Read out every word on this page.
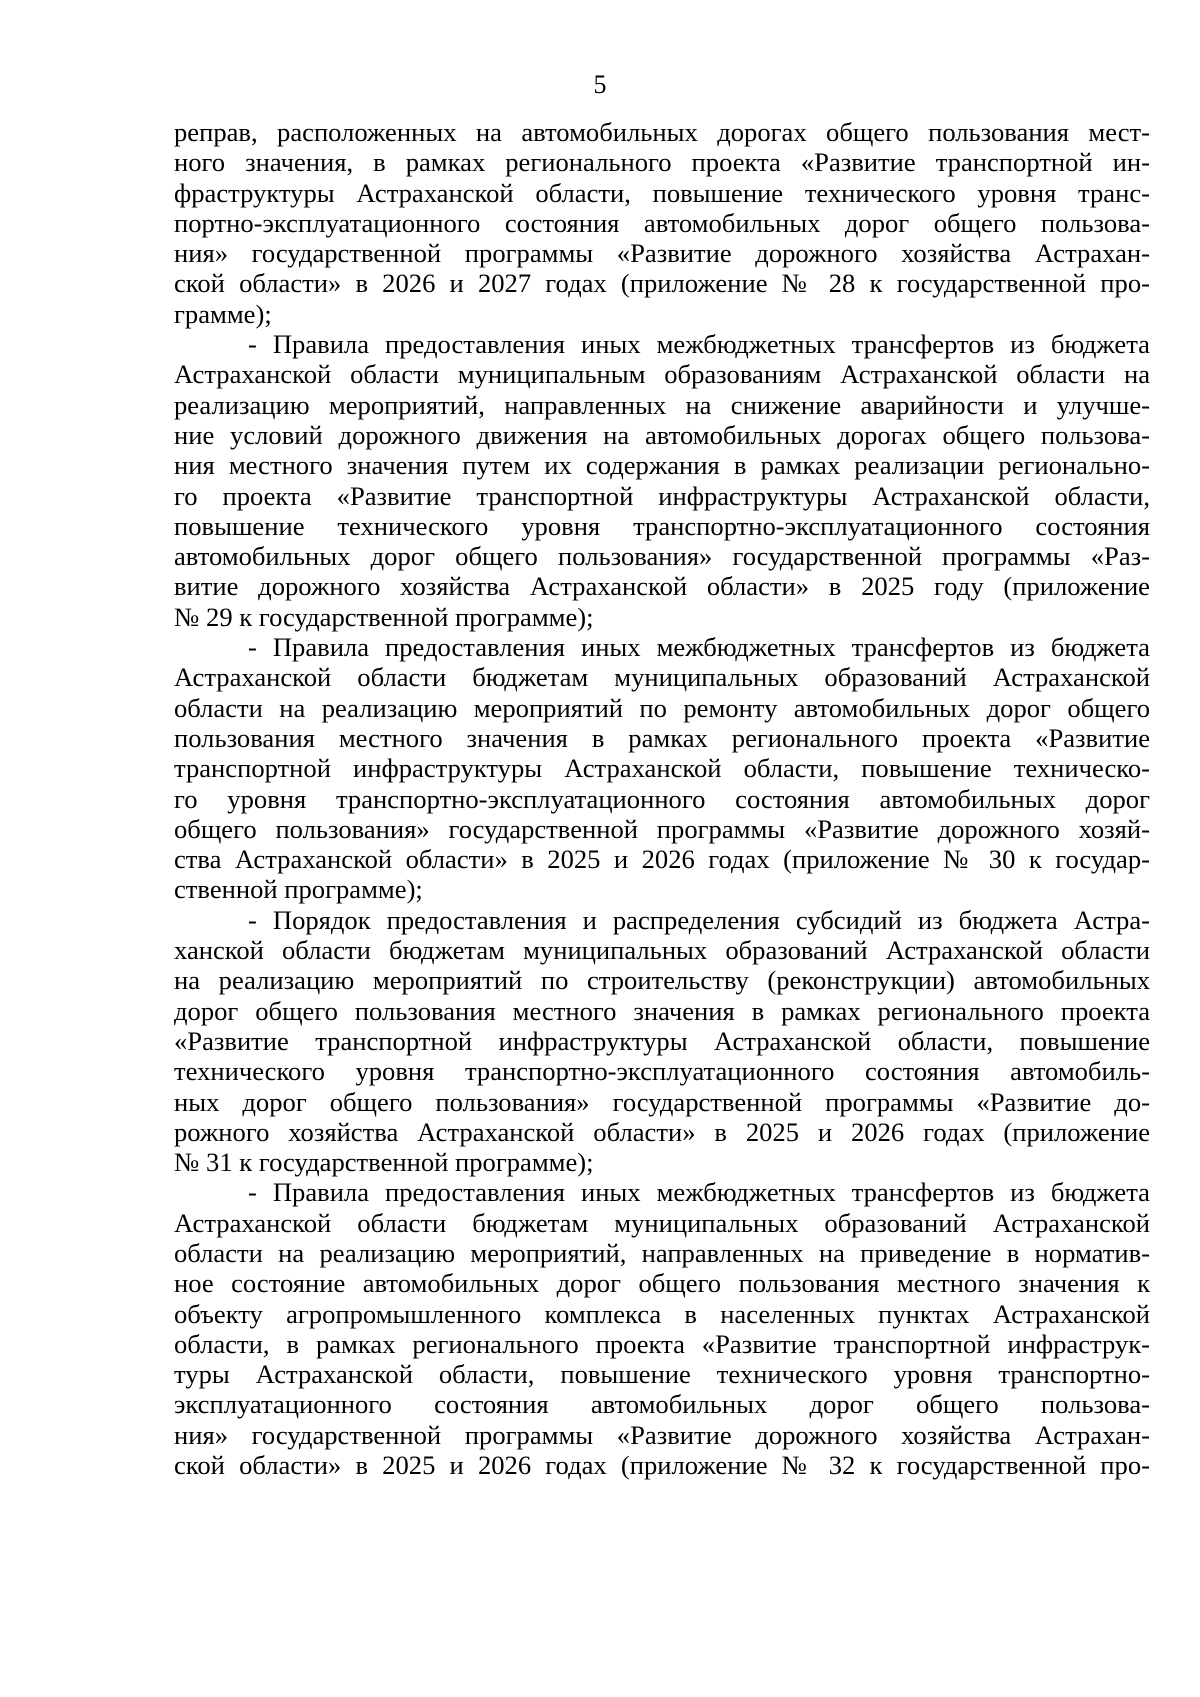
5
реправ, расположенных на автомобильных дорогах общего пользования мест-
ного значения, в рамках регионального проекта «Развитие транспортной ин-
фраструктуры Астраханской области, повышение технического уровня транс-
портно-эксплуатационного состояния автомобильных дорог общего пользова-
ния» государственной программы «Развитие дорожного хозяйства Астрахан-
ской области» в 2026 и 2027 годах (приложение № 28 к государственной про-
грамме);
- Правила предоставления иных межбюджетных трансфертов из бюджета
Астраханской области муниципальным образованиям Астраханской области на
реализацию мероприятий, направленных на снижение аварийности и улучше-
ние условий дорожного движения на автомобильных дорогах общего пользова-
ния местного значения путем их содержания в рамках реализации регионально-
го проекта «Развитие транспортной инфраструктуры Астраханской области,
повышение технического уровня транспортно-эксплуатационного состояния
автомобильных дорог общего пользования» государственной программы «Раз-
витие дорожного хозяйства Астраханской области» в 2025 году (приложение
№ 29 к государственной программе);
- Правила предоставления иных межбюджетных трансфертов из бюджета
Астраханской области бюджетам муниципальных образований Астраханской
области на реализацию мероприятий по ремонту автомобильных дорог общего
пользования местного значения в рамках регионального проекта «Развитие
транспортной инфраструктуры Астраханской области, повышение техническо-
го уровня транспортно-эксплуатационного состояния автомобильных дорог
общего пользования» государственной программы «Развитие дорожного хозяй-
ства Астраханской области» в 2025 и 2026 годах (приложение № 30 к государ-
ственной программе);
- Порядок предоставления и распределения субсидий из бюджета Астра-
ханской области бюджетам муниципальных образований Астраханской области
на реализацию мероприятий по строительству (реконструкции) автомобильных
дорог общего пользования местного значения в рамках регионального проекта
«Развитие транспортной инфраструктуры Астраханской области, повышение
технического уровня транспортно-эксплуатационного состояния автомобиль-
ных дорог общего пользования» государственной программы «Развитие до-
рожного хозяйства Астраханской области» в 2025 и 2026 годах (приложение
№ 31 к государственной программе);
- Правила предоставления иных межбюджетных трансфертов из бюджета
Астраханской области бюджетам муниципальных образований Астраханской
области на реализацию мероприятий, направленных на приведение в норматив-
ное состояние автомобильных дорог общего пользования местного значения к
объекту агропромышленного комплекса в населенных пунктах Астраханской
области, в рамках регионального проекта «Развитие транспортной инфраструк-
туры Астраханской области, повышение технического уровня транспортно-
эксплуатационного состояния автомобильных дорог общего пользова-
ния» государственной программы «Развитие дорожного хозяйства Астрахан-
ской области» в 2025 и 2026 годах (приложение № 32 к государственной про-
